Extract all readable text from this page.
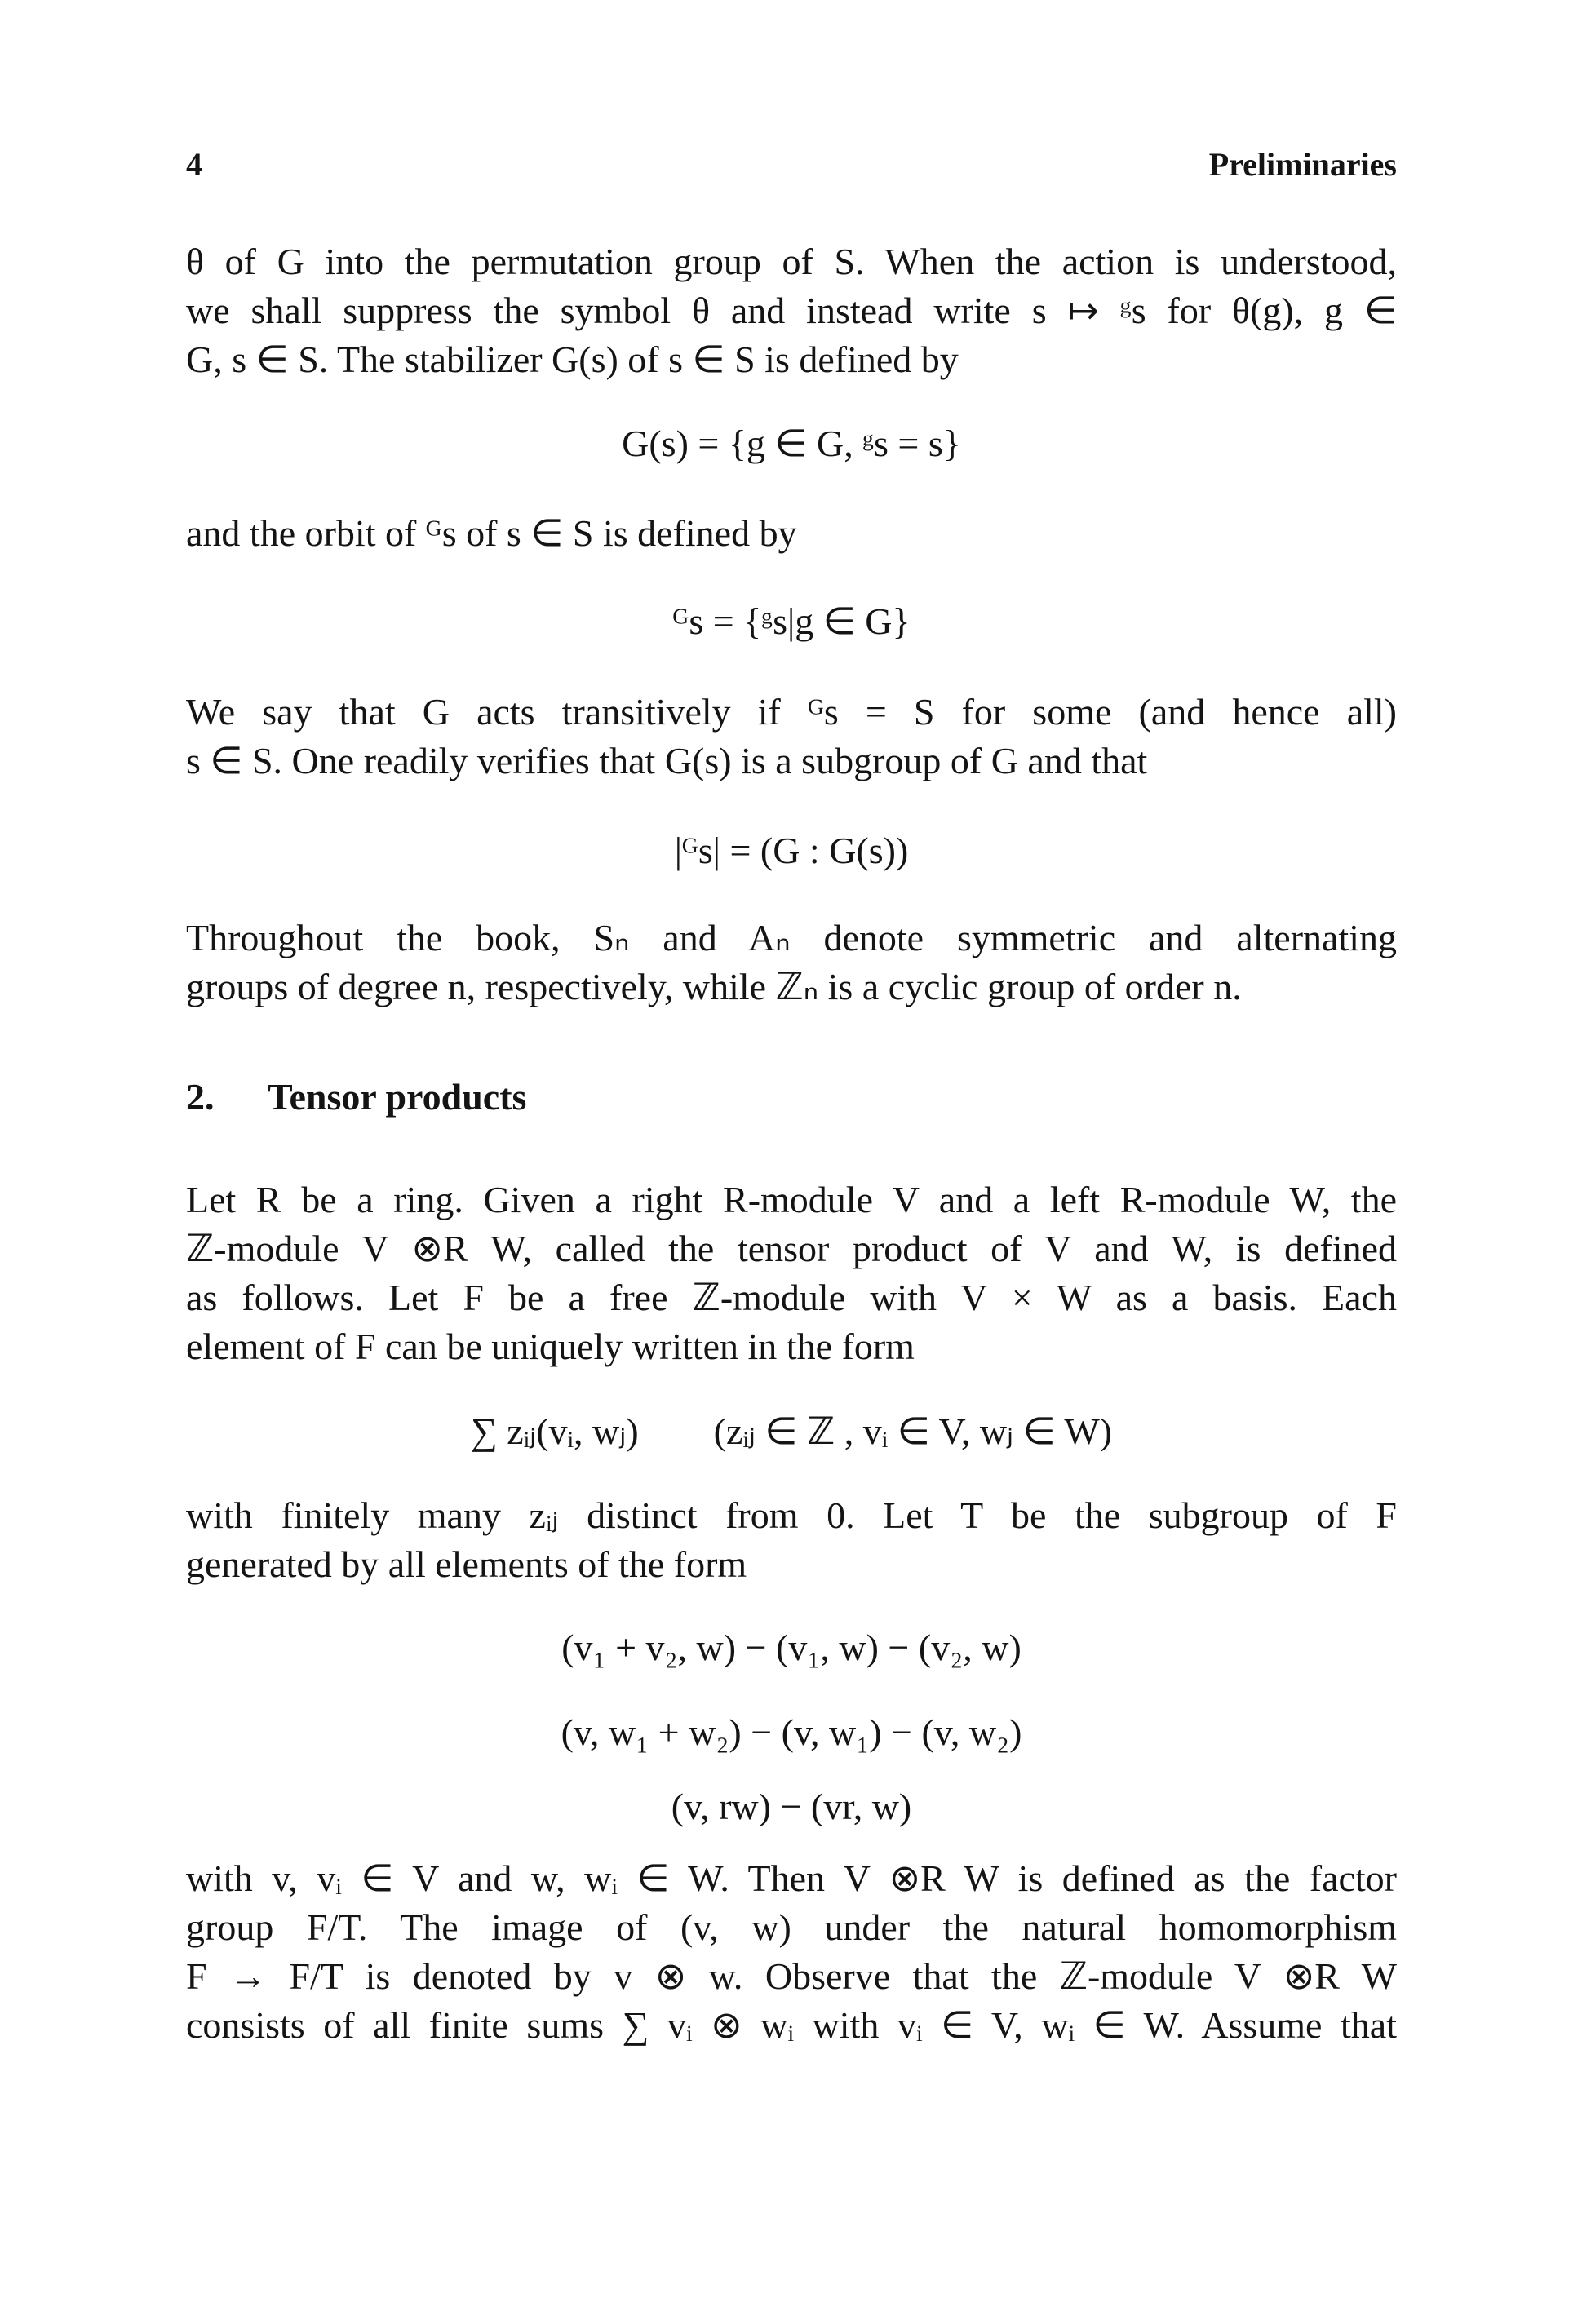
4	Preliminaries
θ of G into the permutation group of S. When the action is understood,
we shall suppress the symbol θ and instead write s ↦ ᵍs for θ(g), g ∈
G, s ∈ S. The stabilizer G(s) of s ∈ S is defined by
G(s) = {g ∈ G, ᵍs = s}
and the orbit of ᴳs of s ∈ S is defined by
ᴳs = {ᵍs|g ∈ G}
We say that G acts transitively if ᴳs = S for some (and hence all)
s ∈ S. One readily verifies that G(s) is a subgroup of G and that
|ᴳs| = (G : G(s))
Throughout the book, Sₙ and Aₙ denote symmetric and alternating
groups of degree n, respectively, while ℤₙ is a cyclic group of order n.
2. Tensor products
Let R be a ring. Given a right R-module V and a left R-module W, the
ℤ-module V ⊗R W, called the tensor product of V and W, is defined
as follows. Let F be a free ℤ-module with V × W as a basis. Each
element of F can be uniquely written in the form
∑ zᵢⱼ(vᵢ, wⱼ)        (zᵢⱼ ∈ ℤ , vᵢ ∈ V, wⱼ ∈ W)
with finitely many zᵢⱼ distinct from 0. Let T be the subgroup of F
generated by all elements of the form
(v₁ + v₂, w) − (v₁, w) − (v₂, w)
(v, w₁ + w₂) − (v, w₁) − (v, w₂)
(v, rw) − (vr, w)
with v, vᵢ ∈ V and w, wᵢ ∈ W. Then V ⊗R W is defined as the factor
group F/T. The image of (v, w) under the natural homomorphism
F → F/T is denoted by v ⊗ w. Observe that the ℤ-module V ⊗R W
consists of all finite sums ∑ vᵢ ⊗ wᵢ with vᵢ ∈ V, wᵢ ∈ W. Assume that
